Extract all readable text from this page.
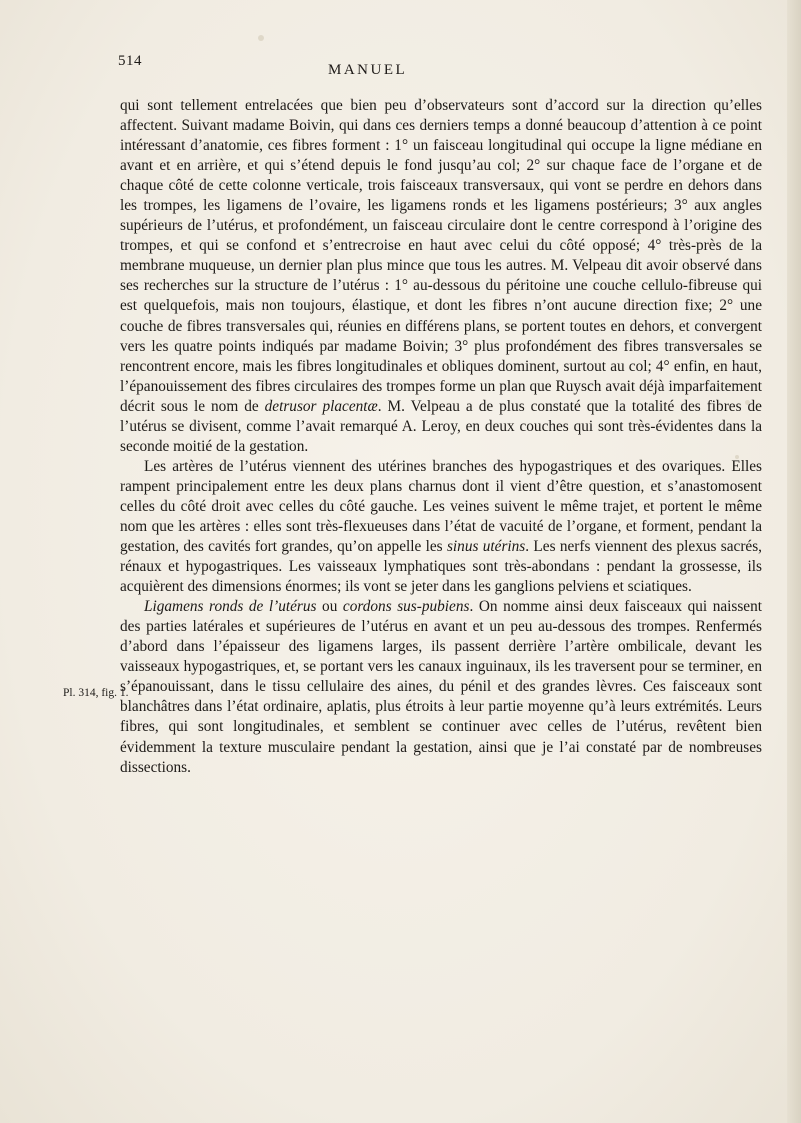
514
MANUEL
Pl. 314, fig. 1.

qui sont tellement entrelacées que bien peu d’observateurs sont d’accord sur la direction qu’elles affectent. Suivant madame Boivin, qui dans ces derniers temps a donné beaucoup d’attention à ce point intéressant d’anatomie, ces fibres forment : 1° un faisceau longitudinal qui occupe la ligne médiane en avant et en arrière, et qui s’étend depuis le fond jusqu’au col; 2° sur chaque face de l’organe et de chaque côté de cette colonne verticale, trois faisceaux transversaux, qui vont se perdre en dehors dans les trompes, les ligamens de l’ovaire, les ligamens ronds et les ligamens postérieurs; 3° aux angles supérieurs de l’utérus, et profondément, un faisceau circulaire dont le centre correspond à l’origine des trompes, et qui se confond et s’entrecroise en haut avec celui du côté opposé; 4° très-près de la membrane muqueuse, un dernier plan plus mince que tous les autres. M. Velpeau dit avoir observé dans ses recherches sur la structure de l’utérus : 1° au-dessous du péritoine une couche cellulo-fibreuse qui est quelquefois, mais non toujours, élastique, et dont les fibres n’ont aucune direction fixe; 2° une couche de fibres transversales qui, réunies en différens plans, se portent toutes en dehors, et convergent vers les quatre points indiqués par madame Boivin; 3° plus profondément des fibres transversales se rencontrent encore, mais les fibres longitudinales et obliques dominent, surtout au col; 4° enfin, en haut, l’épanouissement des fibres circulaires des trompes forme un plan que Ruysch avait déjà imparfaitement décrit sous le nom de detrusor placentæ. M. Velpeau a de plus constaté que la totalité des fibres de l’utérus se divisent, comme l’avait remarqué A. Leroy, en deux couches qui sont très-évidentes dans la seconde moitié de la gestation.

Les artères de l’utérus viennent des utérines branches des hypogastriques et des ovariques. Elles rampent principalement entre les deux plans charnus dont il vient d’être question, et s’anastomosent celles du côté droit avec celles du côté gauche. Les veines suivent le même trajet, et portent le même nom que les artères : elles sont très-flexueuses dans l’état de vacuité de l’organe, et forment, pendant la gestation, des cavités fort grandes, qu’on appelle les sinus utérins. Les nerfs viennent des plexus sacrés, rénaux et hypogastriques. Les vaisseaux lymphatiques sont très-abondans : pendant la grossesse, ils acquièrent des dimensions énormes; ils vont se jeter dans les ganglions pelviens et sciatiques.

Ligamens ronds de l’utérus ou cordons sus-pubiens. On nomme ainsi deux faisceaux qui naissent des parties latérales et supérieures de l’utérus en avant et un peu au-dessous des trompes. Renfermés d’abord dans l’épaisseur des ligamens larges, ils passent derrière l’artère ombilicale, devant les vaisseaux hypogastriques, et, se portant vers les canaux inguinaux, ils les traversent pour se terminer, en s’épanouissant, dans le tissu cellulaire des aines, du pénil et des grandes lèvres. Ces faisceaux sont blanchâtres dans l’état ordinaire, aplatis, plus étroits à leur partie moyenne qu’à leurs extrémités. Leurs fibres, qui sont longitudinales, et semblent se continuer avec celles de l’utérus, revêtent bien évidemment la texture musculaire pendant la gestation, ainsi que je l’ai constaté par de nombreuses dissections.
